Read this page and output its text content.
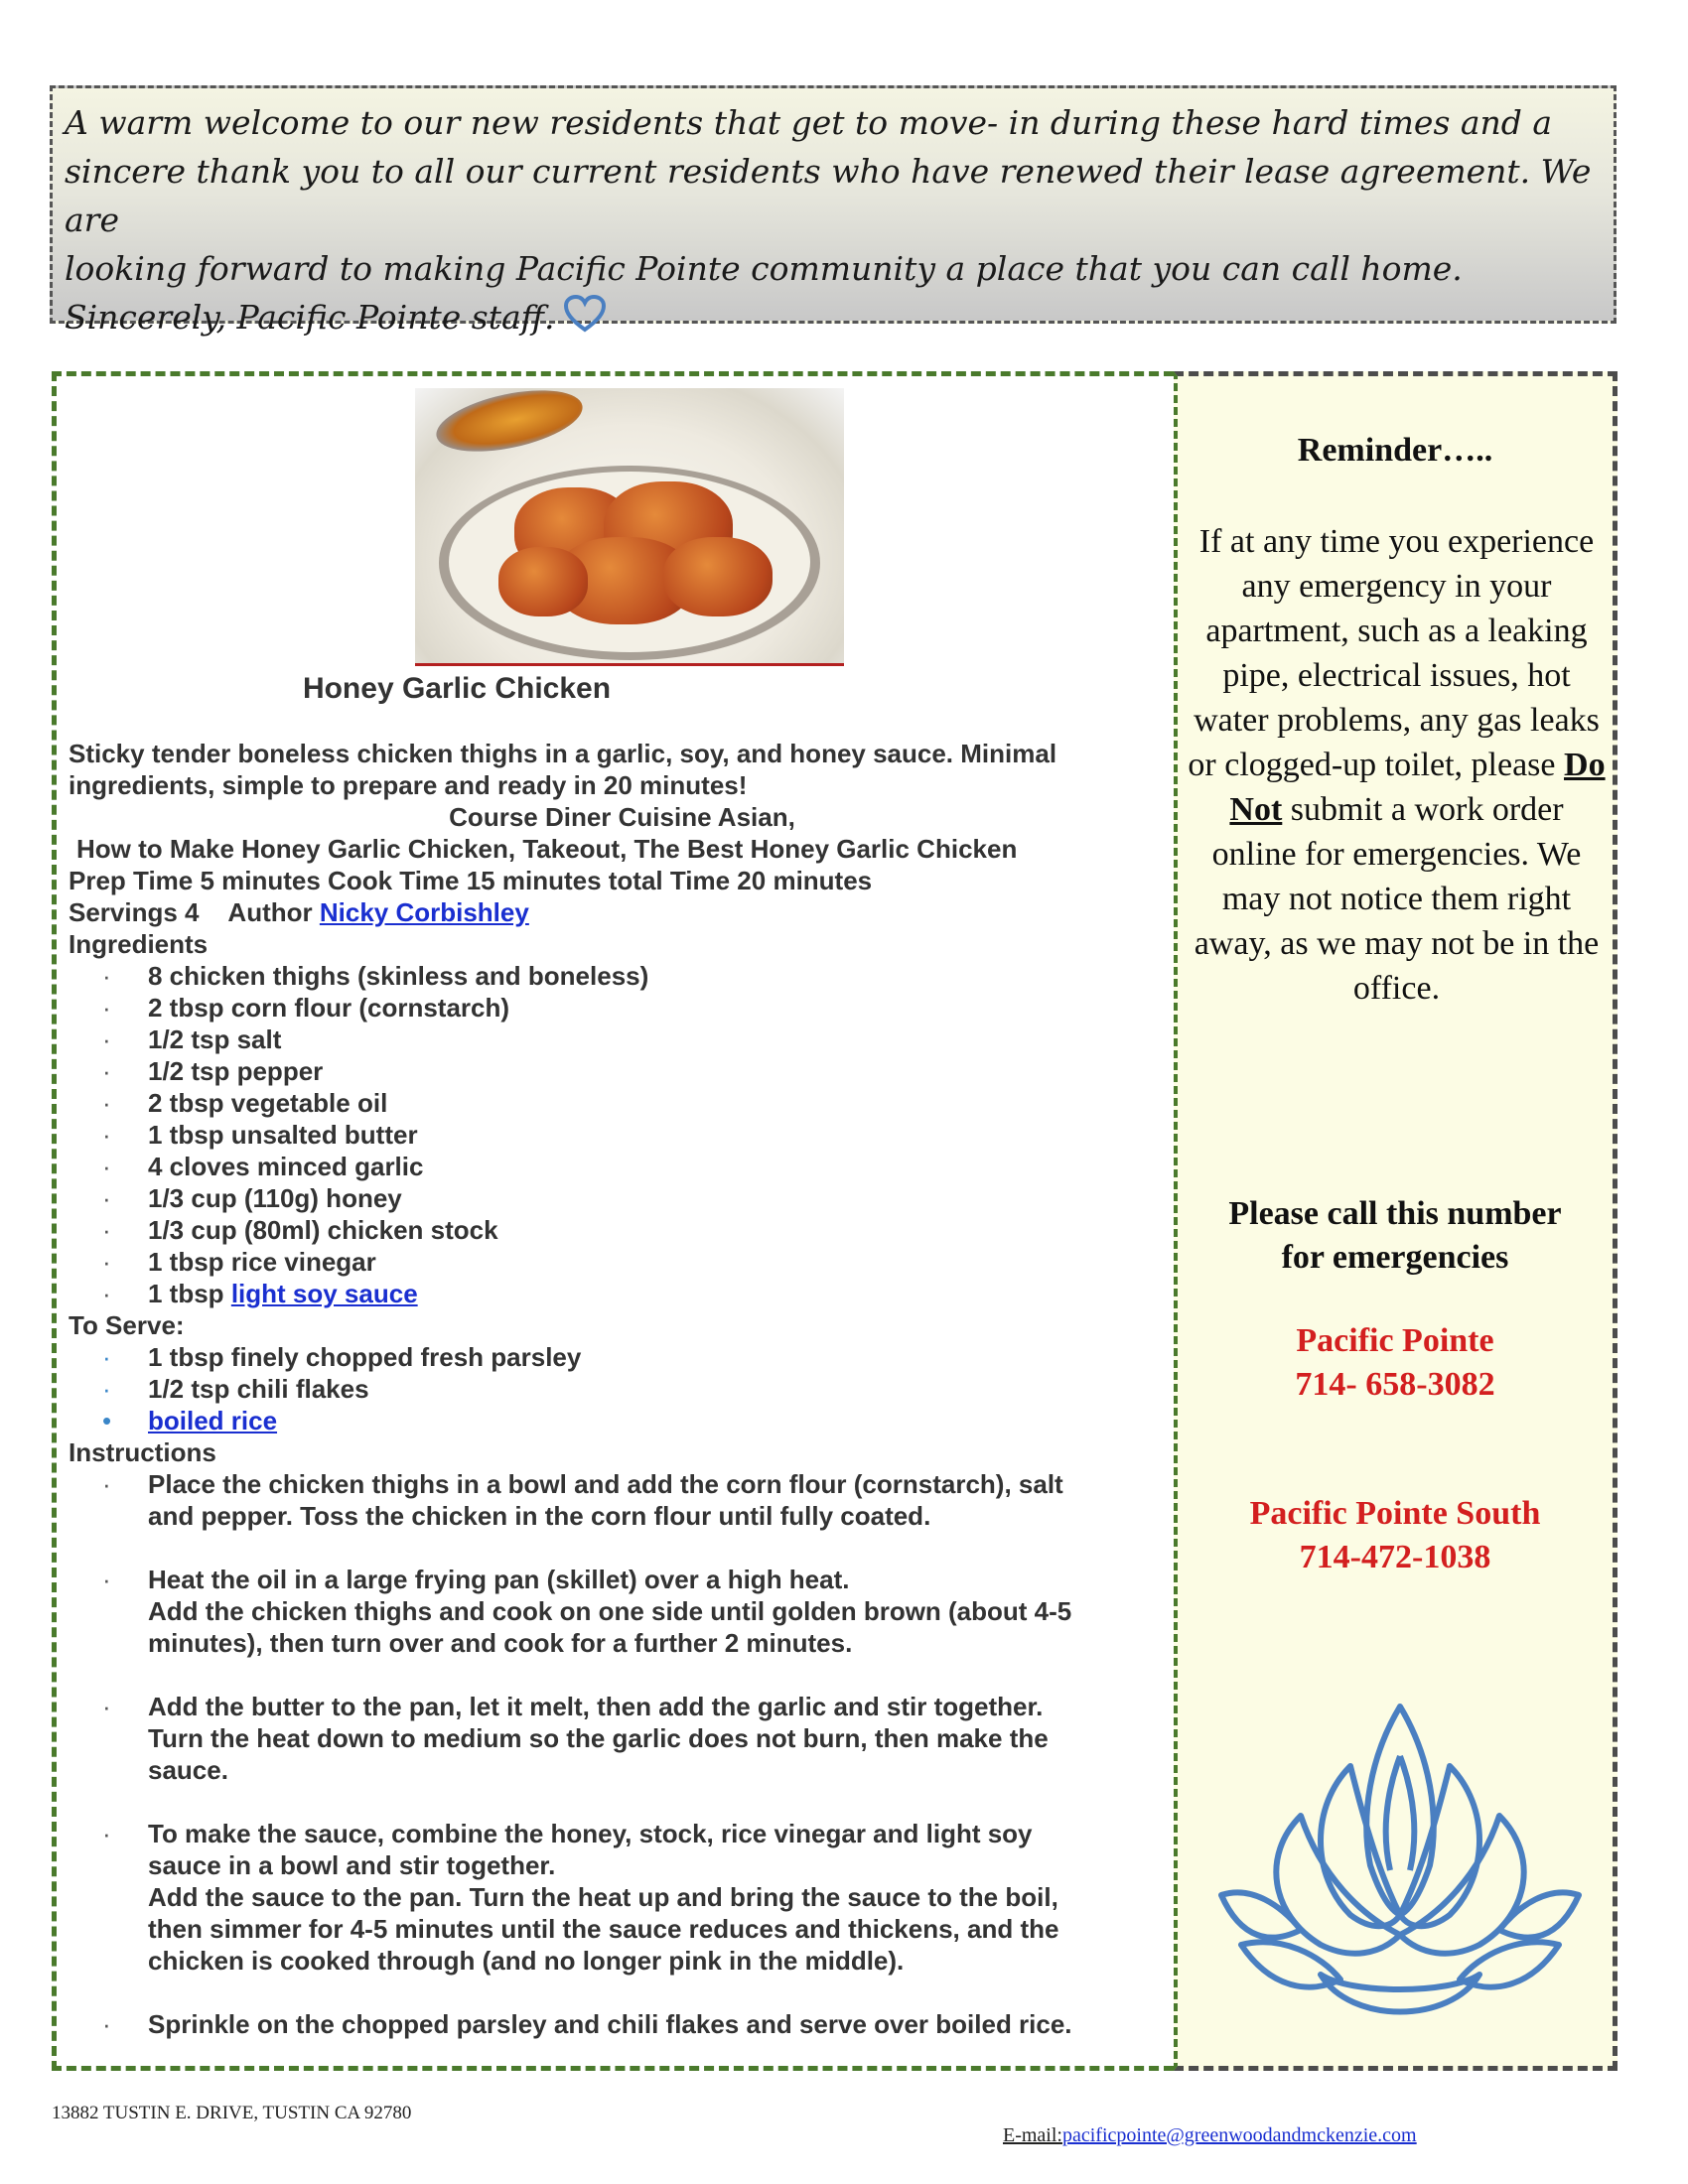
A warm welcome to our new residents that get to move- in during these hard times and a

sincere thank you to all our current residents who have renewed their lease agreement. We are

looking forward to making Pacific Pointe community a place that you can call home.

Sincerely, Pacific Pointe staff.

Honey Garlic Chicken

Sticky tender boneless chicken thighs in a garlic, soy, and honey sauce. Minimal ingredients, simple to prepare and ready in 20 minutes!

Course Diner Cuisine Asian,

How to Make Honey Garlic Chicken, Takeout, The Best Honey Garlic Chicken

Prep Time 5 minutes Cook Time 15 minutes total Time 20 minutes

Servings 4 Author Nicky Corbishley

Ingredients

· 8 chicken thighs (skinless and boneless)
· 2 tbsp corn flour (cornstarch)
· 1/2 tsp salt
· 1/2 tsp pepper
· 2 tbsp vegetable oil
· 1 tbsp unsalted butter
· 4 cloves minced garlic
· 1/3 cup (110g) honey
· 1/3 cup (80ml) chicken stock
· 1 tbsp rice vinegar
· 1 tbsp light soy sauce

To Serve:

· 1 tbsp finely chopped fresh parsley
· 1/2 tsp chili flakes
• boiled rice

Instructions

· Place the chicken thighs in a bowl and add the corn flour (cornstarch), salt
and pepper. Toss the chicken in the corn flour until fully coated.
· Heat the oil in a large frying pan (skillet) over a high heat.
Add the chicken thighs and cook on one side until golden brown (about 4-5
minutes), then turn over and cook for a further 2 minutes.
· Add the butter to the pan, let it melt, then add the garlic and stir together.
Turn the heat down to medium so the garlic does not burn, then make the
sauce.
· To make the sauce, combine the honey, stock, rice vinegar and light soy
sauce in a bowl and stir together.
Add the sauce to the pan. Turn the heat up and bring the sauce to the boil,
then simmer for 4-5 minutes until the sauce reduces and thickens, and the
chicken is cooked through (and no longer pink in the middle).
· Sprinkle on the chopped parsley and chili flakes and serve over boiled rice.

Reminder…..

If at any time you experience any emergency in your apartment, such as a leaking pipe, electrical issues, hot water problems, any gas leaks or clogged-up toilet, please Do Not submit a work order online for emergencies. We may not notice them right away, as we may not be in the office.

Please call this number
for emergencies

Pacific Pointe

714- 658-3082

Pacific Pointe South

714-472-1038

13882 TUSTIN E. DRIVE, TUSTIN CA 92780
E-mail:pacificpointe@greenwoodandmckenzie.com
